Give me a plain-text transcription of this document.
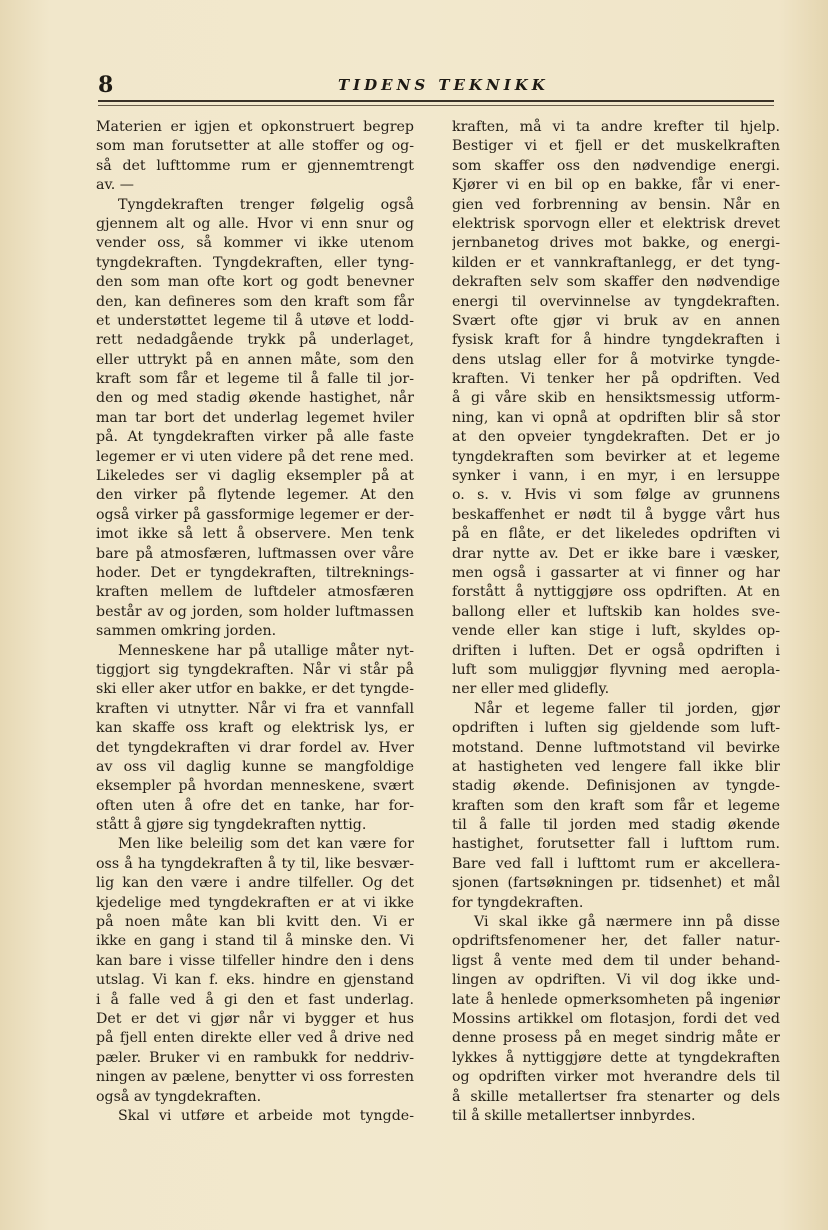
8	TIDENS TEKNIKK
Materien er igjen et opkonstruert begrep
som man forutsetter at alle stoffer og og-
så det lufttomme rum er gjennemtrengt
av. —
Tyngdekraften trenger følgelig også
gjennem alt og alle. Hvor vi enn snur og
vender oss, så kommer vi ikke utenom
tyngdekraften. Tyngdekraften, eller tyng-
den som man ofte kort og godt benevner
den, kan defineres som den kraft som får
et understøttet legeme til å utøve et lodd-
rett nedadgående trykk på underlaget,
eller uttrykt på en annen måte, som den
kraft som får et legeme til å falle til jor-
den og med stadig økende hastighet, når
man tar bort det underlag legemet hviler
på. At tyngdekraften virker på alle faste
legemer er vi uten videre på det rene med.
Likeledes ser vi daglig eksempler på at
den virker på flytende legemer. At den
også virker på gassformige legemer er der-
imot ikke så lett å observere. Men tenk
bare på atmosfæren, luftmassen over våre
hoder. Det er tyngdekraften, tiltreknings-
kraften mellem de luftdeler atmosfæren
består av og jorden, som holder luftmassen
sammen omkring jorden.
Menneskene har på utallige måter nyt-
tiggjort sig tyngdekraften. Når vi står på
ski eller aker utfor en bakke, er det tyngde-
kraften vi utnytter. Når vi fra et vannfall
kan skaffe oss kraft og elektrisk lys, er
det tyngdekraften vi drar fordel av. Hver
av oss vil daglig kunne se mangfoldige
eksempler på hvordan menneskene, svært
often uten å ofre det en tanke, har for-
stått å gjøre sig tyngdekraften nyttig.
Men like beleilig som det kan være for
oss å ha tyngdekraften å ty til, like besvær-
lig kan den være i andre tilfeller. Og det
kjedelige med tyngdekraften er at vi ikke
på noen måte kan bli kvitt den. Vi er
ikke en gang i stand til å minske den. Vi
kan bare i visse tilfeller hindre den i dens
utslag. Vi kan f. eks. hindre en gjenstand
i å falle ved å gi den et fast underlag.
Det er det vi gjør når vi bygger et hus
på fjell enten direkte eller ved å drive ned
pæler. Bruker vi en rambukk for neddriv-
ningen av pælene, benytter vi oss forresten
også av tyngdekraften.
Skal vi utføre et arbeide mot tyngde-
kraften, må vi ta andre krefter til hjelp.
Bestiger vi et fjell er det muskelkraften
som skaffer oss den nødvendige energi.
Kjører vi en bil op en bakke, får vi ener-
gien ved forbrenning av bensin. Når en
elektrisk sporvogn eller et elektrisk drevet
jernbanetog drives mot bakke, og energi-
kilden er et vannkraftanlegg, er det tyng-
dekraften selv som skaffer den nødvendige
energi til overvinnelse av tyngdekraften.
Svært ofte gjør vi bruk av en annen
fysisk kraft for å hindre tyngdekraften i
dens utslag eller for å motvirke tyngde-
kraften. Vi tenker her på opdriften. Ved
å gi våre skib en hensiktsmessig utform-
ning, kan vi opnå at opdriften blir så stor
at den opveier tyngdekraften. Det er jo
tyngdekraften som bevirker at et legeme
synker i vann, i en myr, i en lersuppe
o. s. v. Hvis vi som følge av grunnens
beskaffenhet er nødt til å bygge vårt hus
på en flåte, er det likeledes opdriften vi
drar nytte av. Det er ikke bare i væsker,
men også i gassarter at vi finner og har
forstått å nyttiggjøre oss opdriften. At en
ballong eller et luftskib kan holdes sve-
vende eller kan stige i luft, skyldes op-
driften i luften. Det er også opdriften i
luft som muliggjør flyvning med aeropla-
ner eller med glidefly.
Når et legeme faller til jorden, gjør
opdriften i luften sig gjeldende som luft-
motstand. Denne luftmotstand vil bevirke
at hastigheten ved lengere fall ikke blir
stadig økende. Definisjonen av tyngde-
kraften som den kraft som får et legeme
til å falle til jorden med stadig økende
hastighet, forutsetter fall i lufttom rum.
Bare ved fall i lufttomt rum er akcellera-
sjonen (fartsøkningen pr. tidsenhet) et mål
for tyngdekraften.
Vi skal ikke gå nærmere inn på disse
opdriftsfenomener her, det faller natur-
ligst å vente med dem til under behand-
lingen av opdriften. Vi vil dog ikke und-
late å henlede opmerksomheten på ingeniør
Mossins artikkel om flotasjon, fordi det ved
denne prosess på en meget sindrig måte er
lykkes å nyttiggjøre dette at tyngdekraften
og opdriften virker mot hverandre dels til
å skille metallertser fra stenarter og dels
til å skille metallertser innbyrdes.
